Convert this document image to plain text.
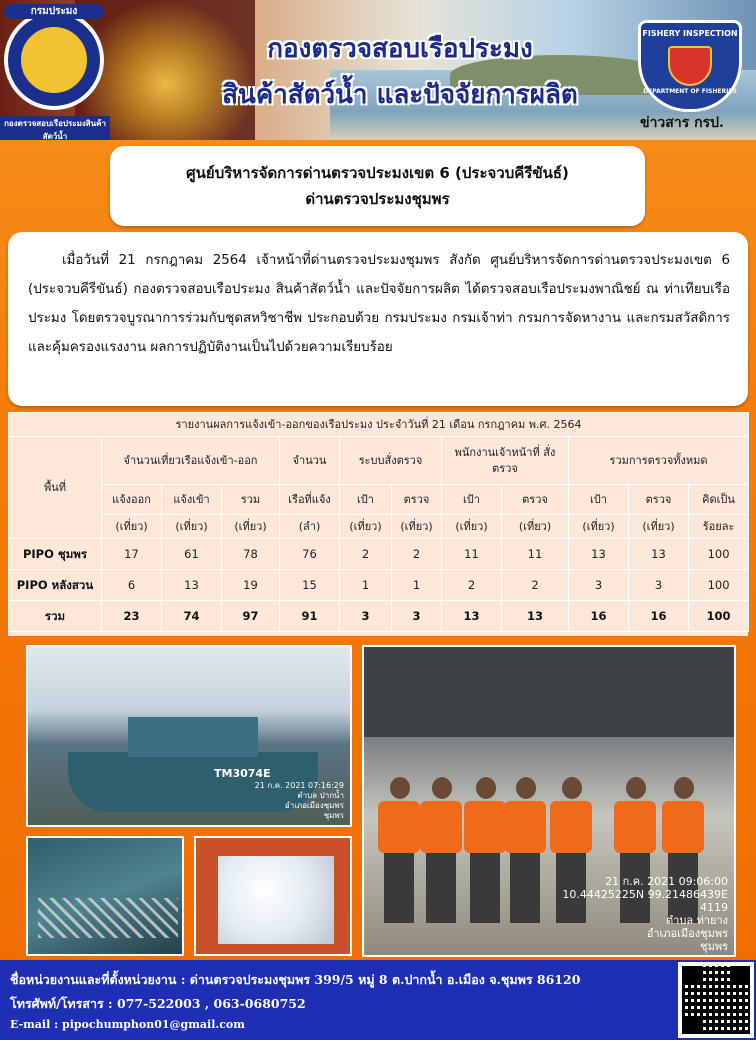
กรมประมง
กองตรวจสอบเรือประมงสินค้าสัตว์น้ำ
กองตรวจสอบเรือประมง
สินค้าสัตว์น้ำ และปัจจัยการผลิต
FISHERY INSPECTION
DEPARTMENT OF FISHERIES
ข่าวสาร กรป.
ศูนย์บริหารจัดการด่านตรวจประมงเขต 6 (ประจวบคีรีขันธ์)
ด่านตรวจประมงชุมพร

เมื่อวันที่ 21 กรกฎาคม 2564 เจ้าหน้าที่ด่านตรวจประมงชุมพร สังกัด ศูนย์บริหารจัดการด่านตรวจประมงเขต 6 (ประจวบคีรีขันธ์) กองตรวจสอบเรือประมง สินค้าสัตว์น้ำ และปัจจัยการผลิต ได้ตรวจสอบเรือประมงพาณิชย์ ณ ท่าเทียบเรือประมง โดยตรวจบูรณาการร่วมกับชุดสหวิชาชีพ ประกอบด้วย กรมประมง กรมเจ้าท่า กรมการจัดหางาน และกรมสวัสดิการและคุ้มครองแรงงาน ผลการปฏิบัติงานเป็นไปด้วยความเรียบร้อย

รายงานผลการแจ้งเข้า-ออกของเรือประมง ประจำวันที่ 21 เดือน กรกฎาคม พ.ศ. 2564											
พื้นที่	จำนวนเที่ยวเรือแจ้งเข้า-ออก			จำนวน	ระบบสั่งตรวจ		พนักงานเจ้าหน้าที่ สั่งตรวจ		รวมการตรวจทั้งหมด		
	แจ้งออก	แจ้งเข้า	รวม	เรือที่แจ้ง	เป้า	ตรวจ	เป้า	ตรวจ	เป้า	ตรวจ	คิดเป็น
	(เที่ยว)	(เที่ยว)	(เที่ยว)	(ลำ)	(เที่ยว)	(เที่ยว)	(เที่ยว)	(เที่ยว)	(เที่ยว)	(เที่ยว)	ร้อยละ
PIPO ชุมพร	17	61	78	76	2	2	11	11	13	13	100
PIPO หลังสวน	6	13	19	15	1	1	2	2	3	3	100
รวม	23	74	97	91	3	3	13	13	16	16	100
TM3074E
21 ก.ค. 2021 07:16:29
ตำบล ปากน้ำ
อำเภอเมืองชุมพร
ชุมพร
21 ก.ค. 2021 09:06:00
10.44425225N 99.21486439E
4119
ตำบล ท่ายาง
อำเภอเมืองชุมพร
ชุมพร
ชื่อหน่วยงานและที่ตั้งหน่วยงาน : ด่านตรวจประมงชุมพร 399/5 หมู่ 8 ต.ปากน้ำ อ.เมือง จ.ชุมพร 86120
โทรศัพท์/โทรสาร : 077-522003 , 063-0680752
E-mail : pipochumphon01@gmail.com
